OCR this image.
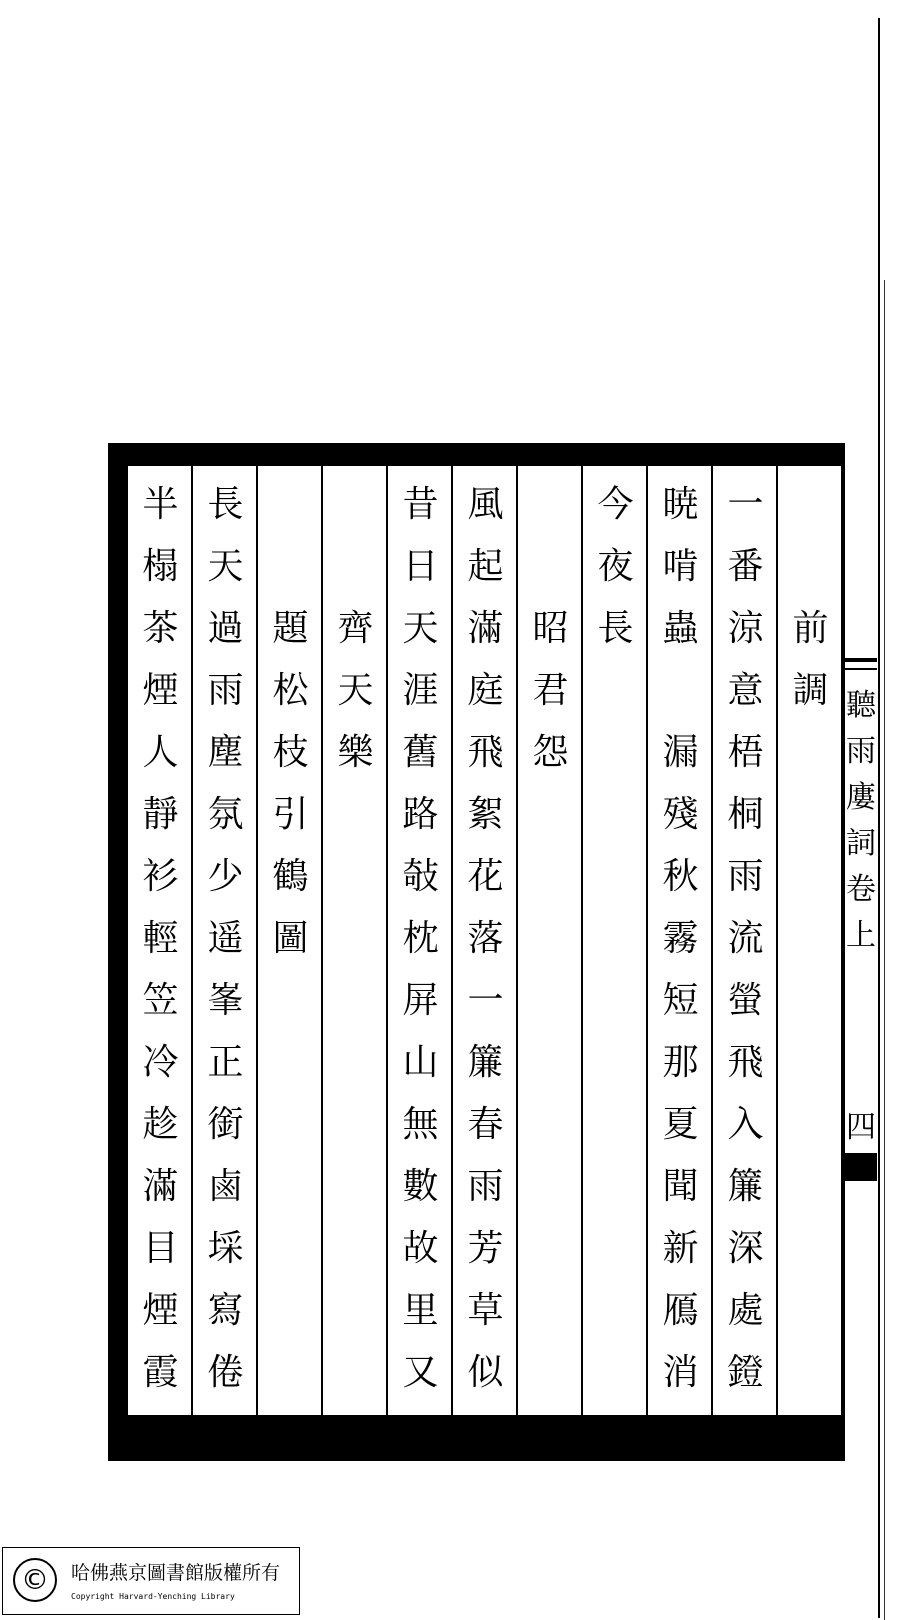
前
調
一
番
涼
意
梧
桐
雨
流
螢
飛
入
簾
深
處
鐙

暁
啃
蟲

漏
殘
秋
霧
短
那
夏
聞
新
鴈
消

今
夜
長
昭
君
怨
風
起
滿
庭
飛
絮
花
落
一
簾
春
雨
芳
草
似

昔
日
天
涯
舊
路
敧
枕
屏
山
無
數
故
里
又

齊
天
樂
題
松
枝
引
鶴
圖
長
天
過
雨
塵
氛
少
遥
峯
正
銜
鹵
埰
寫
倦

半
榻
茶
煙
人
靜
衫
輕
笠
冷
趁
滿
目
煙
霞

聽
雨
廔
詞
卷
上
四
©	哈佛燕京圖書館版權所有
Copyright Harvard-Yenching Library
